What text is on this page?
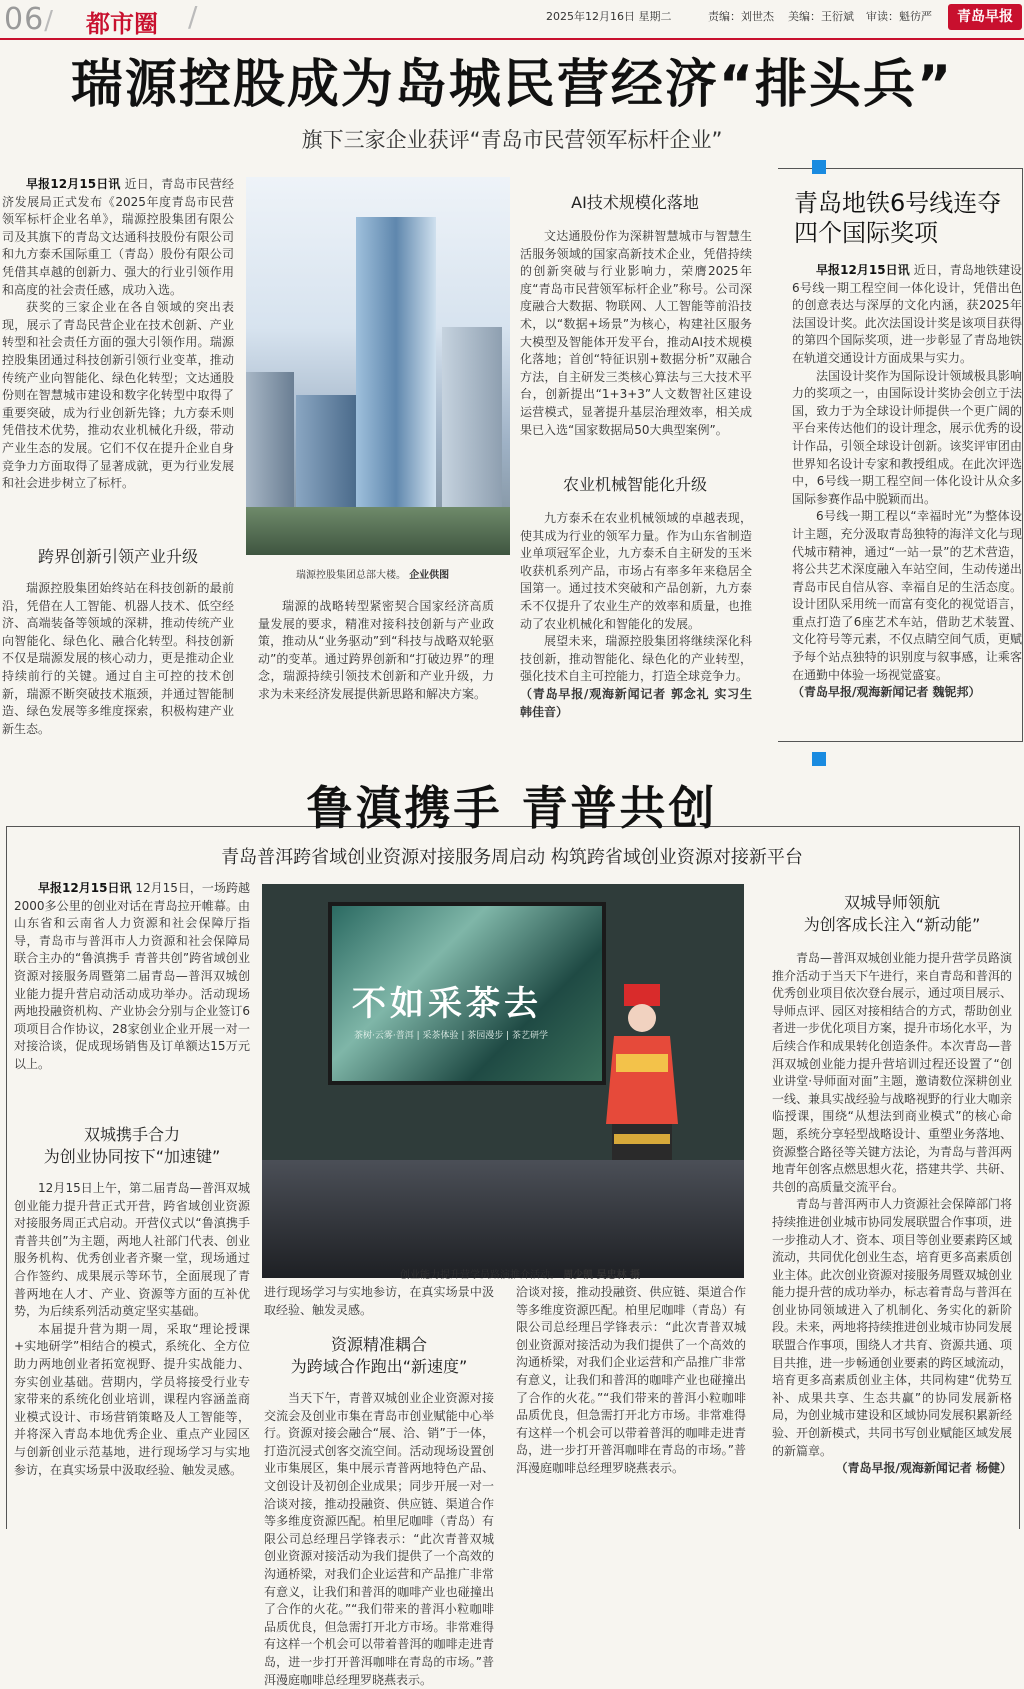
06/ 都市圈 /	2025年12月16日 星期二	责编：刘世杰 美编：王衍斌 审读：魁彷严	青岛早报
瑞源控股成为岛城民营经济“排头兵”
旗下三家企业获评“青岛市民营领军标杆企业”

早报12月15日讯 近日，青岛市民营经济发展局正式发布《2025年度青岛市民营领军标杆企业名单》，瑞源控股集团有限公司及其旗下的青岛文达通科技股份有限公司和九方泰禾国际重工（青岛）股份有限公司凭借其卓越的创新力、强大的行业引领作用和高度的社会责任感，成功入选。

获奖的三家企业在各自领域的突出表现，展示了青岛民营企业在技术创新、产业转型和社会责任方面的强大引领作用。瑞源控股集团通过科技创新引领行业变革，推动传统产业向智能化、绿色化转型；文达通股份则在智慧城市建设和数字化转型中取得了重要突破，成为行业创新先锋；九方泰禾则凭借技术优势，推动农业机械化升级，带动产业生态的发展。它们不仅在提升企业自身竞争力方面取得了显著成就，更为行业发展和社会进步树立了标杆。

跨界创新引领产业升级

瑞源控股集团始终站在科技创新的最前沿，凭借在人工智能、机器人技术、低空经济、高端装备等领域的深耕，推动传统产业向智能化、绿色化、融合化转型。科技创新不仅是瑞源发展的核心动力，更是推动企业持续前行的关键。通过自主可控的技术创新，瑞源不断突破技术瓶颈，并通过智能制造、绿色发展等多维度探索，积极构建产业新生态。

瑞源控股集团总部大楼。 企业供图

瑞源的战略转型紧密契合国家经济高质量发展的要求，精准对接科技创新与产业政策，推动从“业务驱动”到“科技与战略双轮驱动”的变革。通过跨界创新和“打破边界”的理念，瑞源持续引领技术创新和产业升级，力求为未来经济发展提供新思路和解决方案。

AI技术规模化落地

文达通股份作为深耕智慧城市与智慧生活服务领域的国家高新技术企业，凭借持续的创新突破与行业影响力，荣膺2025年度“青岛市民营领军标杆企业”称号。公司深度融合大数据、物联网、人工智能等前沿技术，以“数据+场景”为核心，构建社区服务大模型及智能体开发平台，推动AI技术规模化落地；首创“特征识别+数据分析”双融合方法，自主研发三类核心算法与三大技术平台，创新提出“1+3+3”人文数智社区建设运营模式，显著提升基层治理效率，相关成果已入选“国家数据局50大典型案例”。

农业机械智能化升级

九方泰禾在农业机械领域的卓越表现，使其成为行业的领军力量。作为山东省制造业单项冠军企业，九方泰禾自主研发的玉米收获机系列产品，市场占有率多年来稳居全国第一。通过技术突破和产品创新，九方泰禾不仅提升了农业生产的效率和质量，也推动了农业机械化和智能化的发展。

展望未来，瑞源控股集团将继续深化科技创新，推动智能化、绿色化的产业转型，强化技术自主可控能力，打造全球竞争力。

（青岛早报/观海新闻记者 郭念礼 实习生 韩佳音）

青岛地铁6号线连夺四个国际奖项

早报12月15日讯 近日，青岛地铁建设6号线一期工程空间一体化设计，凭借出色的创意表达与深厚的文化内涵，获2025年法国设计奖。此次法国设计奖是该项目获得的第四个国际奖项，进一步彰显了青岛地铁在轨道交通设计方面成果与实力。

法国设计奖作为国际设计领域极具影响力的奖项之一，由国际设计奖协会创立于法国，致力于为全球设计师提供一个更广阔的平台来传达他们的设计理念，展示优秀的设计作品，引领全球设计创新。该奖评审团由世界知名设计专家和教授组成。在此次评选中，6号线一期工程空间一体化设计从众多国际参赛作品中脱颖而出。

6号线一期工程以“幸福时光”为整体设计主题，充分汲取青岛独特的海洋文化与现代城市精神，通过“一站一景”的艺术营造，将公共艺术深度融入车站空间，生动传递出青岛市民自信从容、幸福自足的生活态度。设计团队采用统一而富有变化的视觉语言，重点打造了6座艺术车站，借助艺术装置、文化符号等元素，不仅点睛空间气质，更赋予每个站点独特的识别度与叙事感，让乘客在通勤中体验一场视觉盛宴。

（青岛早报/观海新闻记者 魏铌邦）

鲁滇携手 青普共创
青岛普洱跨省域创业资源对接服务周启动 构筑跨省域创业资源对接新平台

早报12月15日讯 12月15日，一场跨越2000多公里的创业对话在青岛拉开帷幕。由山东省和云南省人力资源和社会保障厅指导，青岛市与普洱市人力资源和社会保障局联合主办的“鲁滇携手 青普共创”跨省域创业资源对接服务周暨第二届青岛—普洱双城创业能力提升营启动活动成功举办。活动现场两地投融资机构、产业协会分别与企业签订6项项目合作协议，28家创业企业开展一对一对接洽谈，促成现场销售及订单额达15万元以上。

双城携手合力
为创业协同按下“加速键”

12月15日上午，第二届青岛—普洱双城创业能力提升营正式开营，跨省域创业资源对接服务周正式启动。开营仪式以“鲁滇携手 青普共创”为主题，两地人社部门代表、创业服务机构、优秀创业者齐聚一堂，现场通过合作签约、成果展示等环节，全面展现了青普两地在人才、产业、资源等方面的互补优势，为后续系列活动奠定坚实基础。

本届提升营为期一周，采取“理论授课+实地研学”相结合的模式，系统化、全方位助力两地创业者拓宽视野、提升实战能力、夯实创业基础。营期内，学员将接受行业专家带来的系统化创业培训，课程内容涵盖商业模式设计、市场营销策略及人工智能等，并将深入青岛本地优秀企业、重点产业园区与创新创业示范基地，进行现场学习与实地参访，在真实场景中汲取经验、触发灵感。

不如采茶去
茶树·云雾·普洱 | 采茶体验 | 茶园漫步 | 茶艺研学
创业能力提升营学员路演推介活动。 周少凯 吴忠林 摄

进行现场学习与实地参访，在真实场景中汲取经验、触发灵感。

资源精准耦合
为跨域合作跑出“新速度”

当天下午，青普双城创业企业资源对接交流会及创业市集在青岛市创业赋能中心举行。资源对接会融合“展、洽、销”于一体，打造沉浸式创客交流空间。活动现场设置创业市集展区，集中展示青普两地特色产品、文创设计及初创企业成果；同步开展一对一洽谈对接，推动投融资、供应链、渠道合作等多维度资源匹配。柏里尼咖啡（青岛）有限公司总经理吕学锋表示：“此次青普双城创业资源对接活动为我们提供了一个高效的沟通桥梁，对我们企业运营和产品推广非常有意义，让我们和普洱的咖啡产业也碰撞出了合作的火花。”“我们带来的普洱小粒咖啡品质优良，但急需打开北方市场。非常难得有这样一个机会可以带着普洱的咖啡走进青岛，进一步打开普洱咖啡在青岛的市场。”普洱漫庭咖啡总经理罗晓燕表示。

洽谈对接，推动投融资、供应链、渠道合作等多维度资源匹配。柏里尼咖啡（青岛）有限公司总经理吕学锋表示：“此次青普双城创业资源对接活动为我们提供了一个高效的沟通桥梁，对我们企业运营和产品推广非常有意义，让我们和普洱的咖啡产业也碰撞出了合作的火花。”“我们带来的普洱小粒咖啡品质优良，但急需打开北方市场。非常难得有这样一个机会可以带着普洱的咖啡走进青岛，进一步打开普洱咖啡在青岛的市场。”普洱漫庭咖啡总经理罗晓燕表示。

双城导师领航
为创客成长注入“新动能”

青岛—普洱双城创业能力提升营学员路演推介活动于当天下午进行，来自青岛和普洱的优秀创业项目依次登台展示，通过项目展示、导师点评、园区对接相结合的方式，帮助创业者进一步优化项目方案，提升市场化水平，为后续合作和成果转化创造条件。本次青岛—普洱双城创业能力提升营培训过程还设置了“创业讲堂·导师面对面”主题，邀请数位深耕创业一线、兼具实战经验与战略视野的行业大咖亲临授课，围绕“从想法到商业模式”的核心命题，系统分享轻型战略设计、重塑业务落地、资源整合路径等关键方法论，为青岛与普洱两地青年创客点燃思想火花，搭建共学、共研、共创的高质量交流平台。

青岛与普洱两市人力资源社会保障部门将持续推进创业城市协同发展联盟合作事项，进一步推动人才、资本、项目等创业要素跨区域流动，共同优化创业生态，培育更多高素质创业主体。此次创业资源对接服务周暨双城创业能力提升营的成功举办，标志着青岛与普洱在创业协同领域进入了机制化、务实化的新阶段。未来，两地将持续推进创业城市协同发展联盟合作事项，围绕人才共育、资源共通、项目共推，进一步畅通创业要素的跨区域流动，培育更多高素质创业主体，共同构建“优势互补、成果共享、生态共赢”的协同发展新格局，为创业城市建设和区域协同发展积累新经验、开创新模式，共同书写创业赋能区域发展的新篇章。

（青岛早报/观海新闻记者 杨健）
